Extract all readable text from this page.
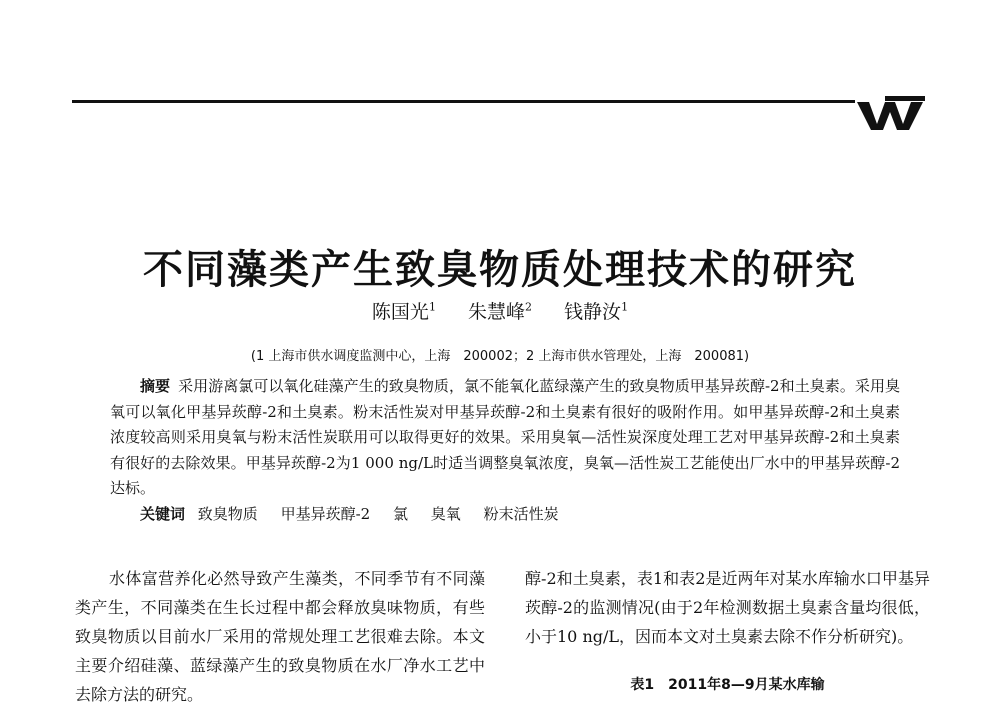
不同藻类产生致臭物质处理技术的研究
陈国光$^1$ 朱慧峰$^2$ 钱静汝$^1$
(1 上海市供水调度监测中心，上海　200002；2 上海市供水管理处，上海　200081)

摘要 采用游离氯可以氧化硅藻产生的致臭物质，氯不能氧化蓝绿藻产生的致臭物质甲基异莰醇-2和土臭素。采用臭氧可以氧化甲基异莰醇-2和土臭素。粉末活性炭对甲基异莰醇-2和土臭素有很好的吸附作用。如甲基异莰醇-2和土臭素浓度较高则采用臭氧与粉末活性炭联用可以取得更好的效果。采用臭氧—活性炭深度处理工艺对甲基异莰醇-2和土臭素有很好的去除效果。甲基异莰醇-2为1 000 ng/L时适当调整臭氧浓度，臭氧—活性炭工艺能使出厂水中的甲基异莰醇-2达标。

关键词 致臭物质 甲基异莰醇-2 氯 臭氧 粉末活性炭

水体富营养化必然导致产生藻类，不同季节有不同藻类产生，不同藻类在生长过程中都会释放臭味物质，有些致臭物质以目前水厂采用的常规处理工艺很难去除。本文主要介绍硅藻、蓝绿藻产生的致臭物质在水厂净水工艺中去除方法的研究。

醇-2和土臭素，表1和表2是近两年对某水库输水口甲基异莰醇-2的监测情况(由于2年检测数据土臭素含量均很低，小于10 ng/L，因而本文对土臭素去除不作分析研究)。

表1　2011年8—9月某水库输
